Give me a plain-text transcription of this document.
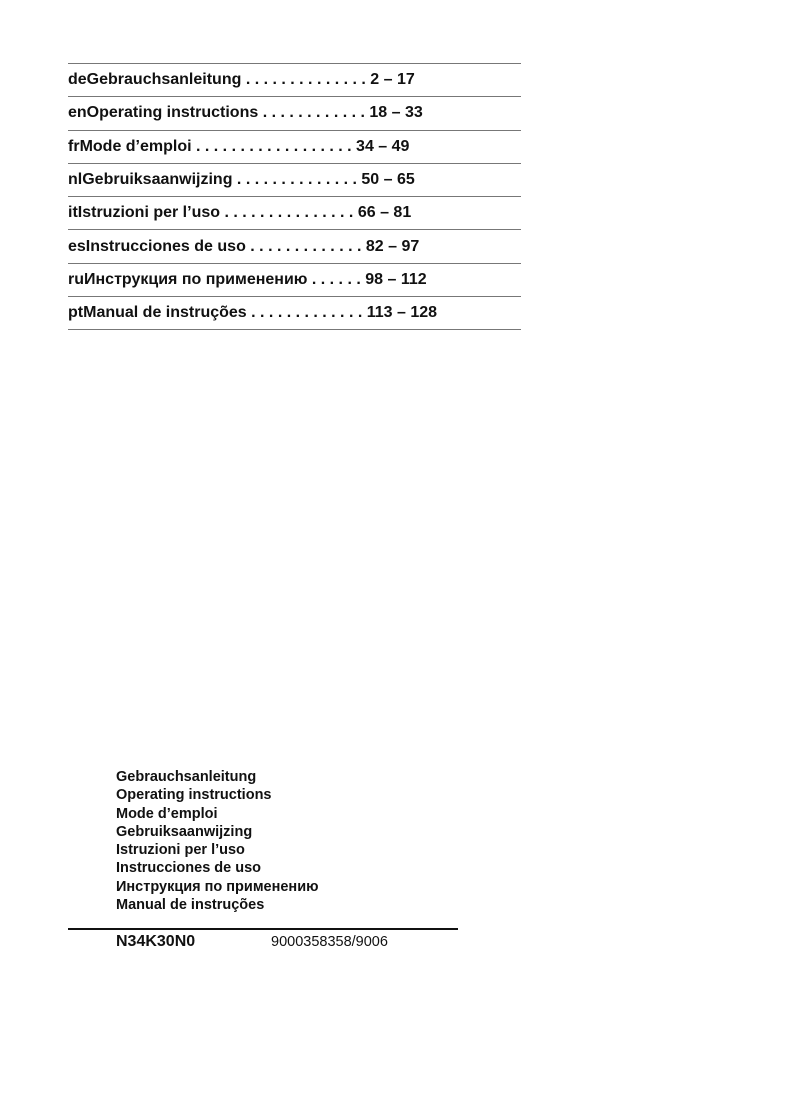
de Gebrauchsanleitung . . . . . . . . . . . . . . 2 – 17
en Operating instructions . . . . . . . . . . . . 18 – 33
fr Mode d’emploi . . . . . . . . . . . . . . . . . . 34 – 49
nl Gebruiksaanwijzing . . . . . . . . . . . . . . 50 – 65
it Istruzioni per l’uso . . . . . . . . . . . . . . . 66 – 81
es Instrucciones de uso . . . . . . . . . . . . . 82 – 97
ru Инструкция по применению . . . . . . 98 – 112
pt Manual de instruções . . . . . . . . . . . . . 113 – 128
Gebrauchsanleitung
Operating instructions
Mode d’emploi
Gebruiksaanwijzing
Istruzioni per l’uso
Instrucciones de uso
Инструкция по применению
Manual de instruções
N34K30N0	9000358358/9006
